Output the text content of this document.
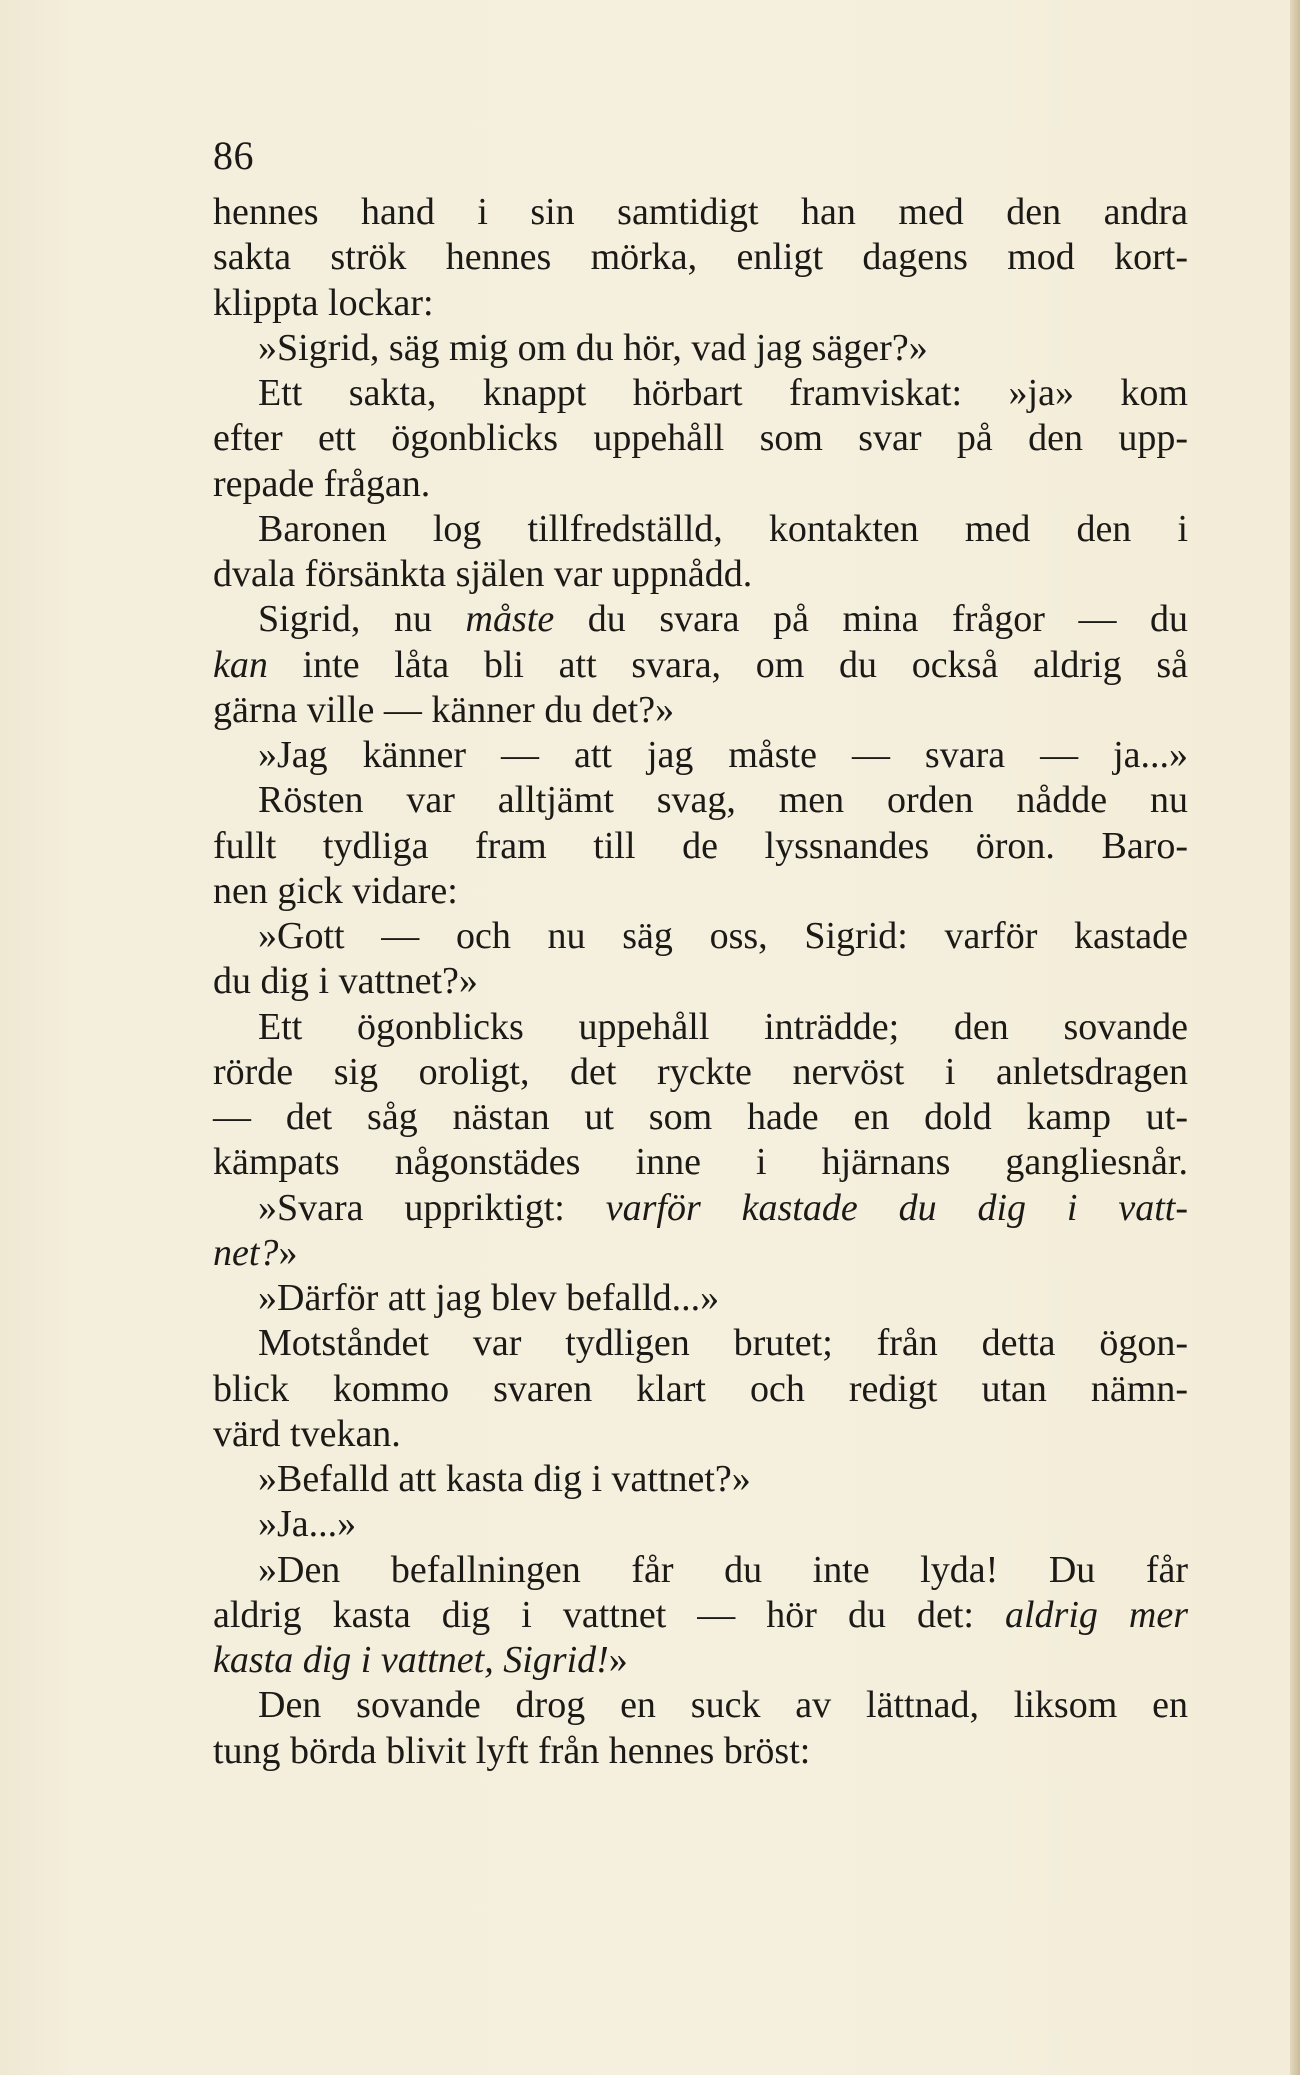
86
hennes hand i sin samtidigt han med den andra
sakta strök hennes mörka, enligt dagens mod kort-
klippta lockar:
»Sigrid, säg mig om du hör, vad jag säger?»
Ett sakta, knappt hörbart framviskat: »ja» kom
efter ett ögonblicks uppehåll som svar på den upp-
repade frågan.
Baronen log tillfredställd, kontakten med den i
dvala försänkta själen var uppnådd.
Sigrid, nu måste du svara på mina frågor — du
kan inte låta bli att svara, om du också aldrig så
gärna ville — känner du det?»
»Jag känner — att jag måste — svara — ja...»
Rösten var alltjämt svag, men orden nådde nu
fullt tydliga fram till de lyssnandes öron. Baro-
nen gick vidare:
»Gott — och nu säg oss, Sigrid: varför kastade
du dig i vattnet?»
Ett ögonblicks uppehåll inträdde; den sovande
rörde sig oroligt, det ryckte nervöst i anletsdragen
— det såg nästan ut som hade en dold kamp ut-
kämpats någonstädes inne i hjärnans gangliesnår.
»Svara uppriktigt: varför kastade du dig i vatt-
net?»
»Därför att jag blev befalld...»
Motståndet var tydligen brutet; från detta ögon-
blick kommo svaren klart och redigt utan nämn-
värd tvekan.
»Befalld att kasta dig i vattnet?»
»Ja...»
»Den befallningen får du inte lyda! Du får
aldrig kasta dig i vattnet — hör du det: aldrig mer
kasta dig i vattnet, Sigrid!»
Den sovande drog en suck av lättnad, liksom en
tung börda blivit lyft från hennes bröst:
